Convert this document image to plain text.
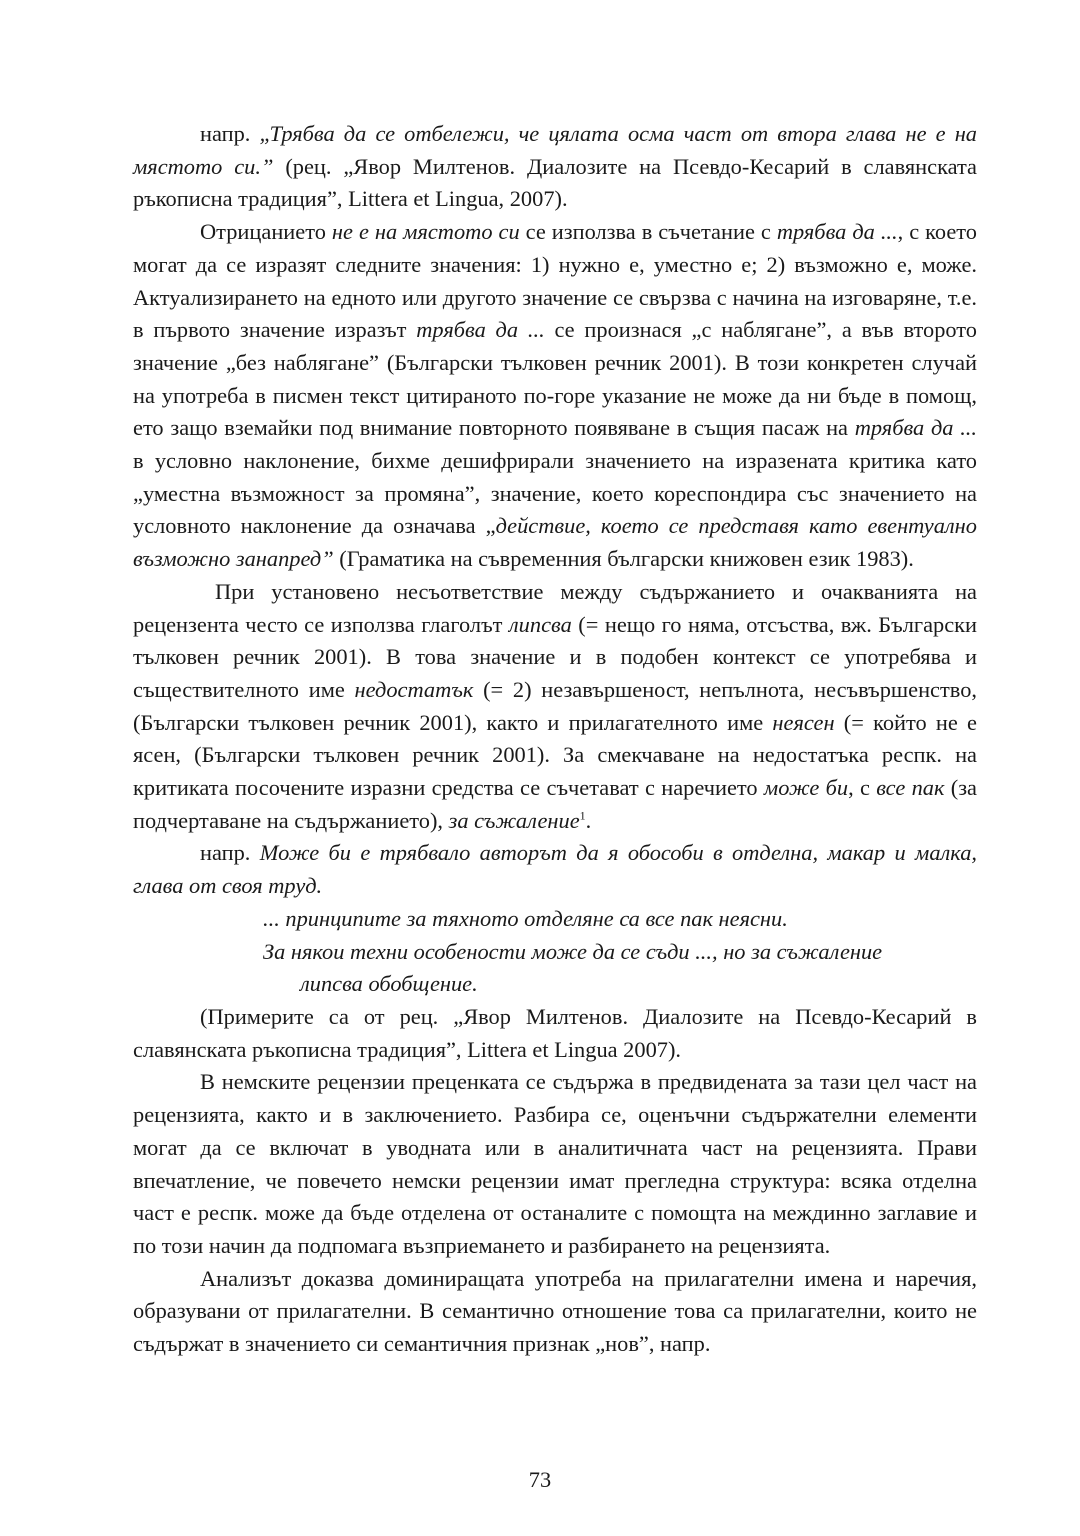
напр. „Трябва да се отбележи, че цялата осма част от втора глава не е на мястото си.” (рец. „Явор Милтенов. Диалозите на Псевдо-Кесарий в славянската ръкописна традиция”, Littera et Lingua, 2007).

Отрицанието не е на мястото си се използва в съчетание с трябва да ..., с което могат да се изразят следните значения: 1) нужно е, уместно е; 2) възможно е, може. Актуализирането на едното или другото значение се свързва с начина на изговаряне, т.е. в първото значение изразът трябва да ... се произнася „с наблягане”, а във второто значение „без наблягане” (Български тълковен речник 2001). В този конкретен случай на употреба в писмен текст цитираното по-горе указание не може да ни бъде в помощ, ето защо вземайки под внимание повторното появяване в същия пасаж на трябва да ... в условно наклонение, бихме дешифрирали значението на изразената критика като „уместна възможност за промяна”, значение, което кореспондира със значението на условното наклонение да означава „действие, което се представя като евентуално възможно занапред” (Граматика на съвременния български книжовен език 1983).

При установено несъответствие между съдържанието и очакванията на рецензента често се използва глаголът липсва (= нещо го няма, отсъства, вж. Български тълковен речник 2001). В това значение и в подобен контекст се употребява и съществителното име недостатък (= 2) незавършеност, непълнота, несъвършенство, (Български тълковен речник 2001), както и прилагателното име неясен (= който не е ясен, (Български тълковен речник 2001). За смекчаване на недостатъка респк. на критиката посочените изразни средства се съчетават с наречието може би, с все пак (за подчертаване на съдържанието), за съжаление$^1$.

напр. Може би е трябвало авторът да я обособи в отделна, макар и малка, глава от своя труд.

... принципите за тяхното отделяне са все пак неясни.

За някои техни особености може да се съди ..., но за съжаление
липсва обобщение.

(Примерите са от рец. „Явор Милтенов. Диалозите на Псевдо-Кесарий в славянската ръкописна традиция”, Littera et Lingua 2007).

В немските рецензии преценката се съдържа в предвидената за тази цел част на рецензията, както и в заключението. Разбира се, оценъчни съдържателни елементи могат да се включат в уводната или в аналитичната част на рецензията. Прави впечатление, че повечето немски рецензии имат прегледна структура: всяка отделна част е респк. може да бъде отделена от останалите с помощта на междинно заглавие и по този начин да подпомага възприемането и разбирането на рецензията.

Анализът доказва доминиращата употреба на прилагателни имена и наречия, образувани от прилагателни. В семантично отношение това са прилагателни, които не съдържат в значението си семантичния признак „нов”, напр.

73
